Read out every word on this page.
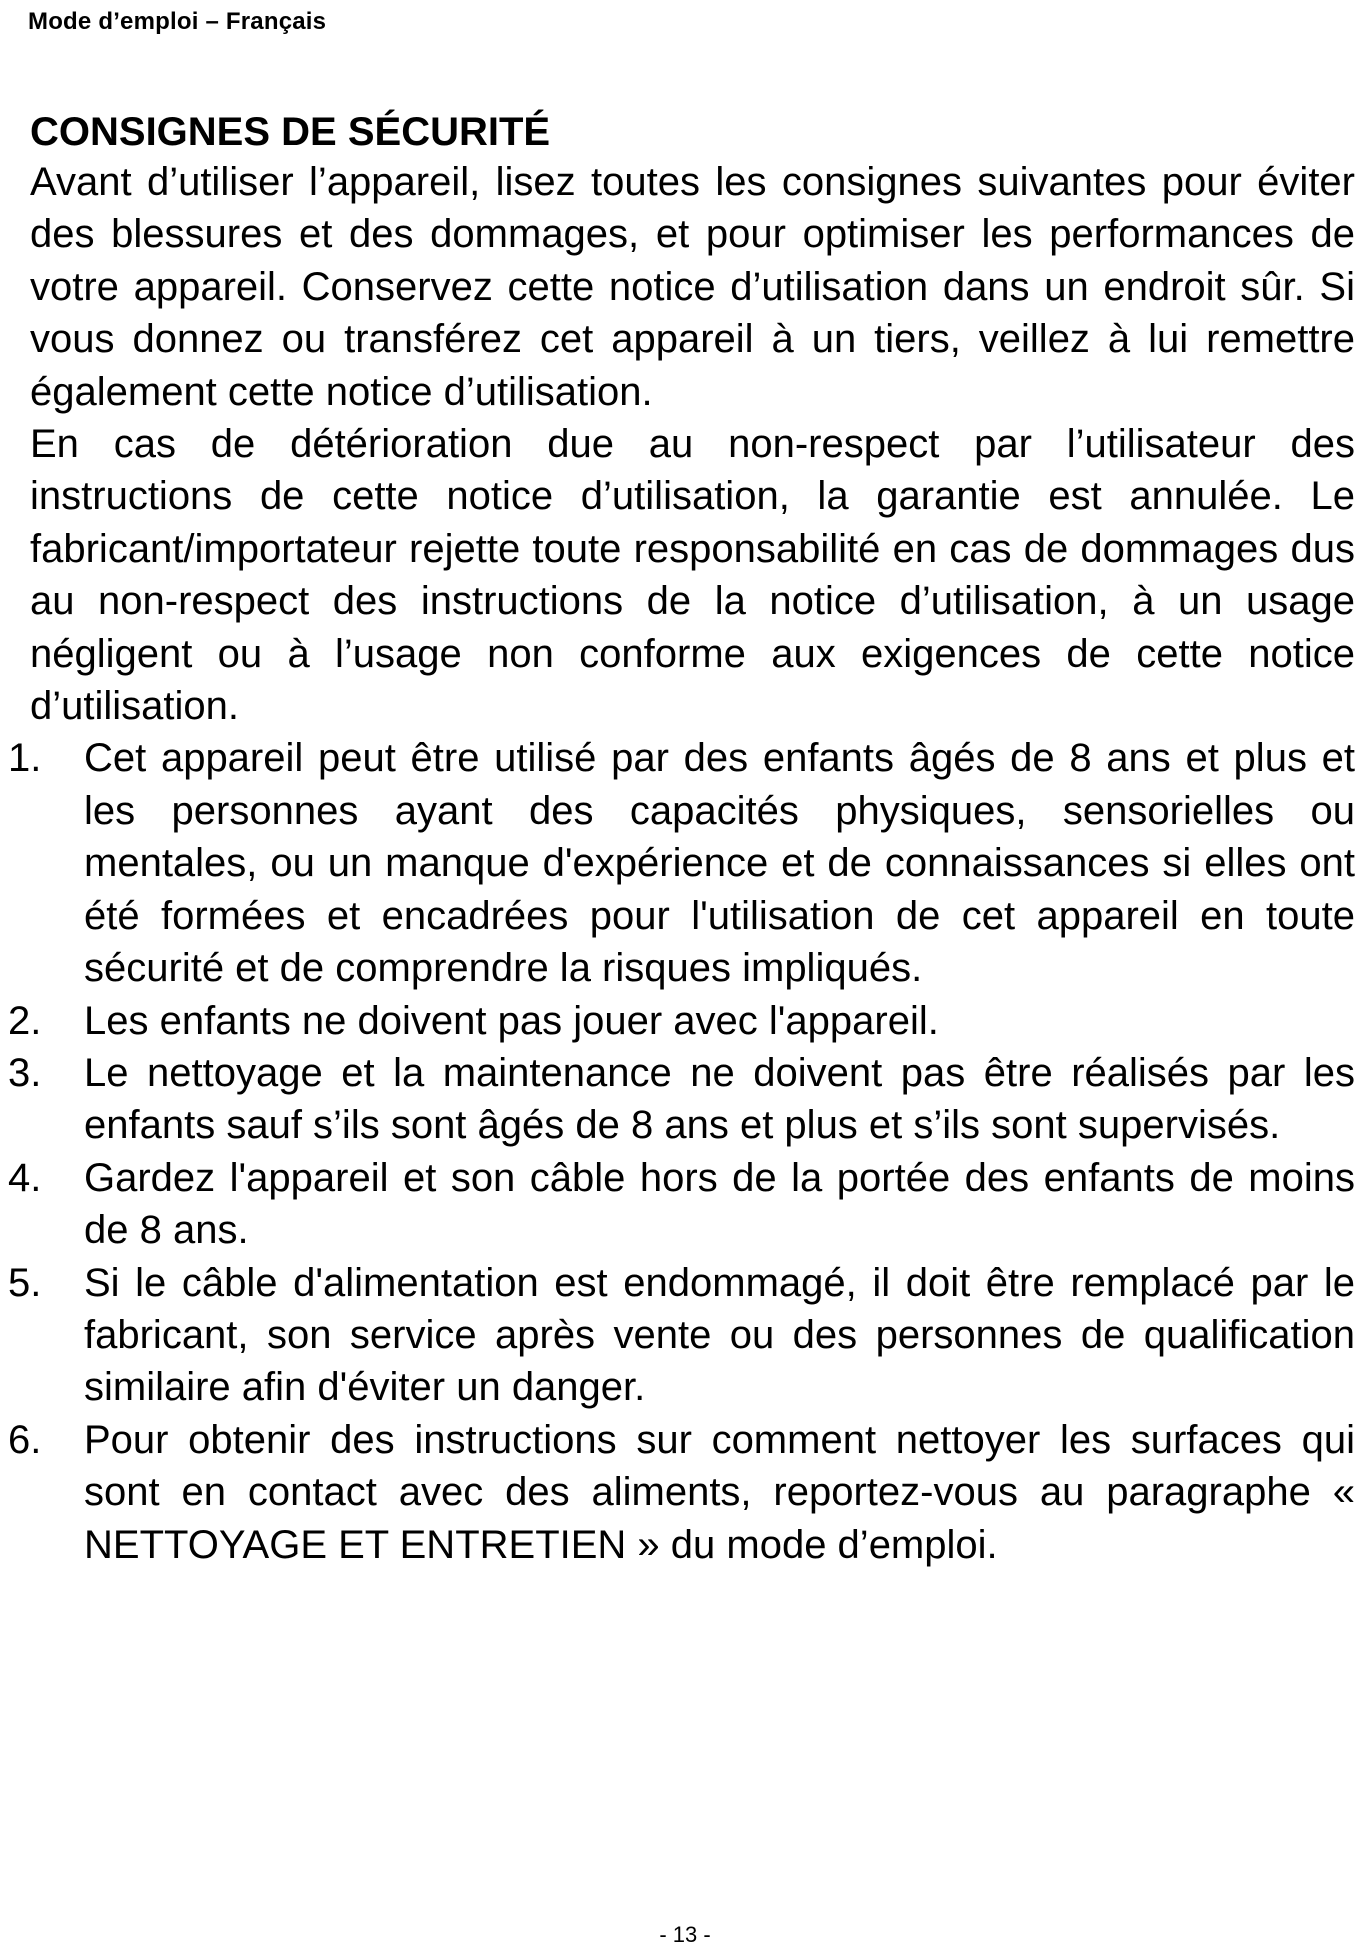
Mode d’emploi – Français
CONSIGNES DE SÉCURITÉ

Avant d’utiliser l’appareil, lisez toutes les consignes suivantes pour éviter des blessures et des dommages, et pour optimiser les performances de votre appareil. Conservez cette notice d’utilisation dans un endroit sûr. Si vous donnez ou transférez cet appareil à un tiers, veillez à lui remettre également cette notice d’utilisation.

En cas de détérioration due au non-respect par l’utilisateur des instructions de cette notice d’utilisation, la garantie est annulée. Le fabricant/importateur rejette toute responsabilité en cas de dommages dus au non-respect des instructions de la notice d’utilisation, à un usage négligent ou à l’usage non conforme aux exigences de cette notice d’utilisation.

1. Cet appareil peut être utilisé par des enfants âgés de 8 ans et plus et les personnes ayant des capacités physiques, sensorielles ou mentales, ou un manque d'expérience et de connaissances si elles ont été formées et encadrées pour l'utilisation de cet appareil en toute sécurité et de comprendre la risques impliqués.
2. Les enfants ne doivent pas jouer avec l'appareil.
3. Le nettoyage et la maintenance ne doivent pas être réalisés par les enfants sauf s’ils sont âgés de 8 ans et plus et s’ils sont supervisés.
4. Gardez l'appareil et son câble hors de la portée des enfants de moins de 8 ans.
5. Si le câble d'alimentation est endommagé, il doit être remplacé par le fabricant, son service après vente ou des personnes de qualification similaire afin d'éviter un danger.
6. Pour obtenir des instructions sur comment nettoyer les surfaces qui sont en contact avec des aliments, reportez-vous au paragraphe « NETTOYAGE ET ENTRETIEN » du mode d’emploi.
- 13 -
